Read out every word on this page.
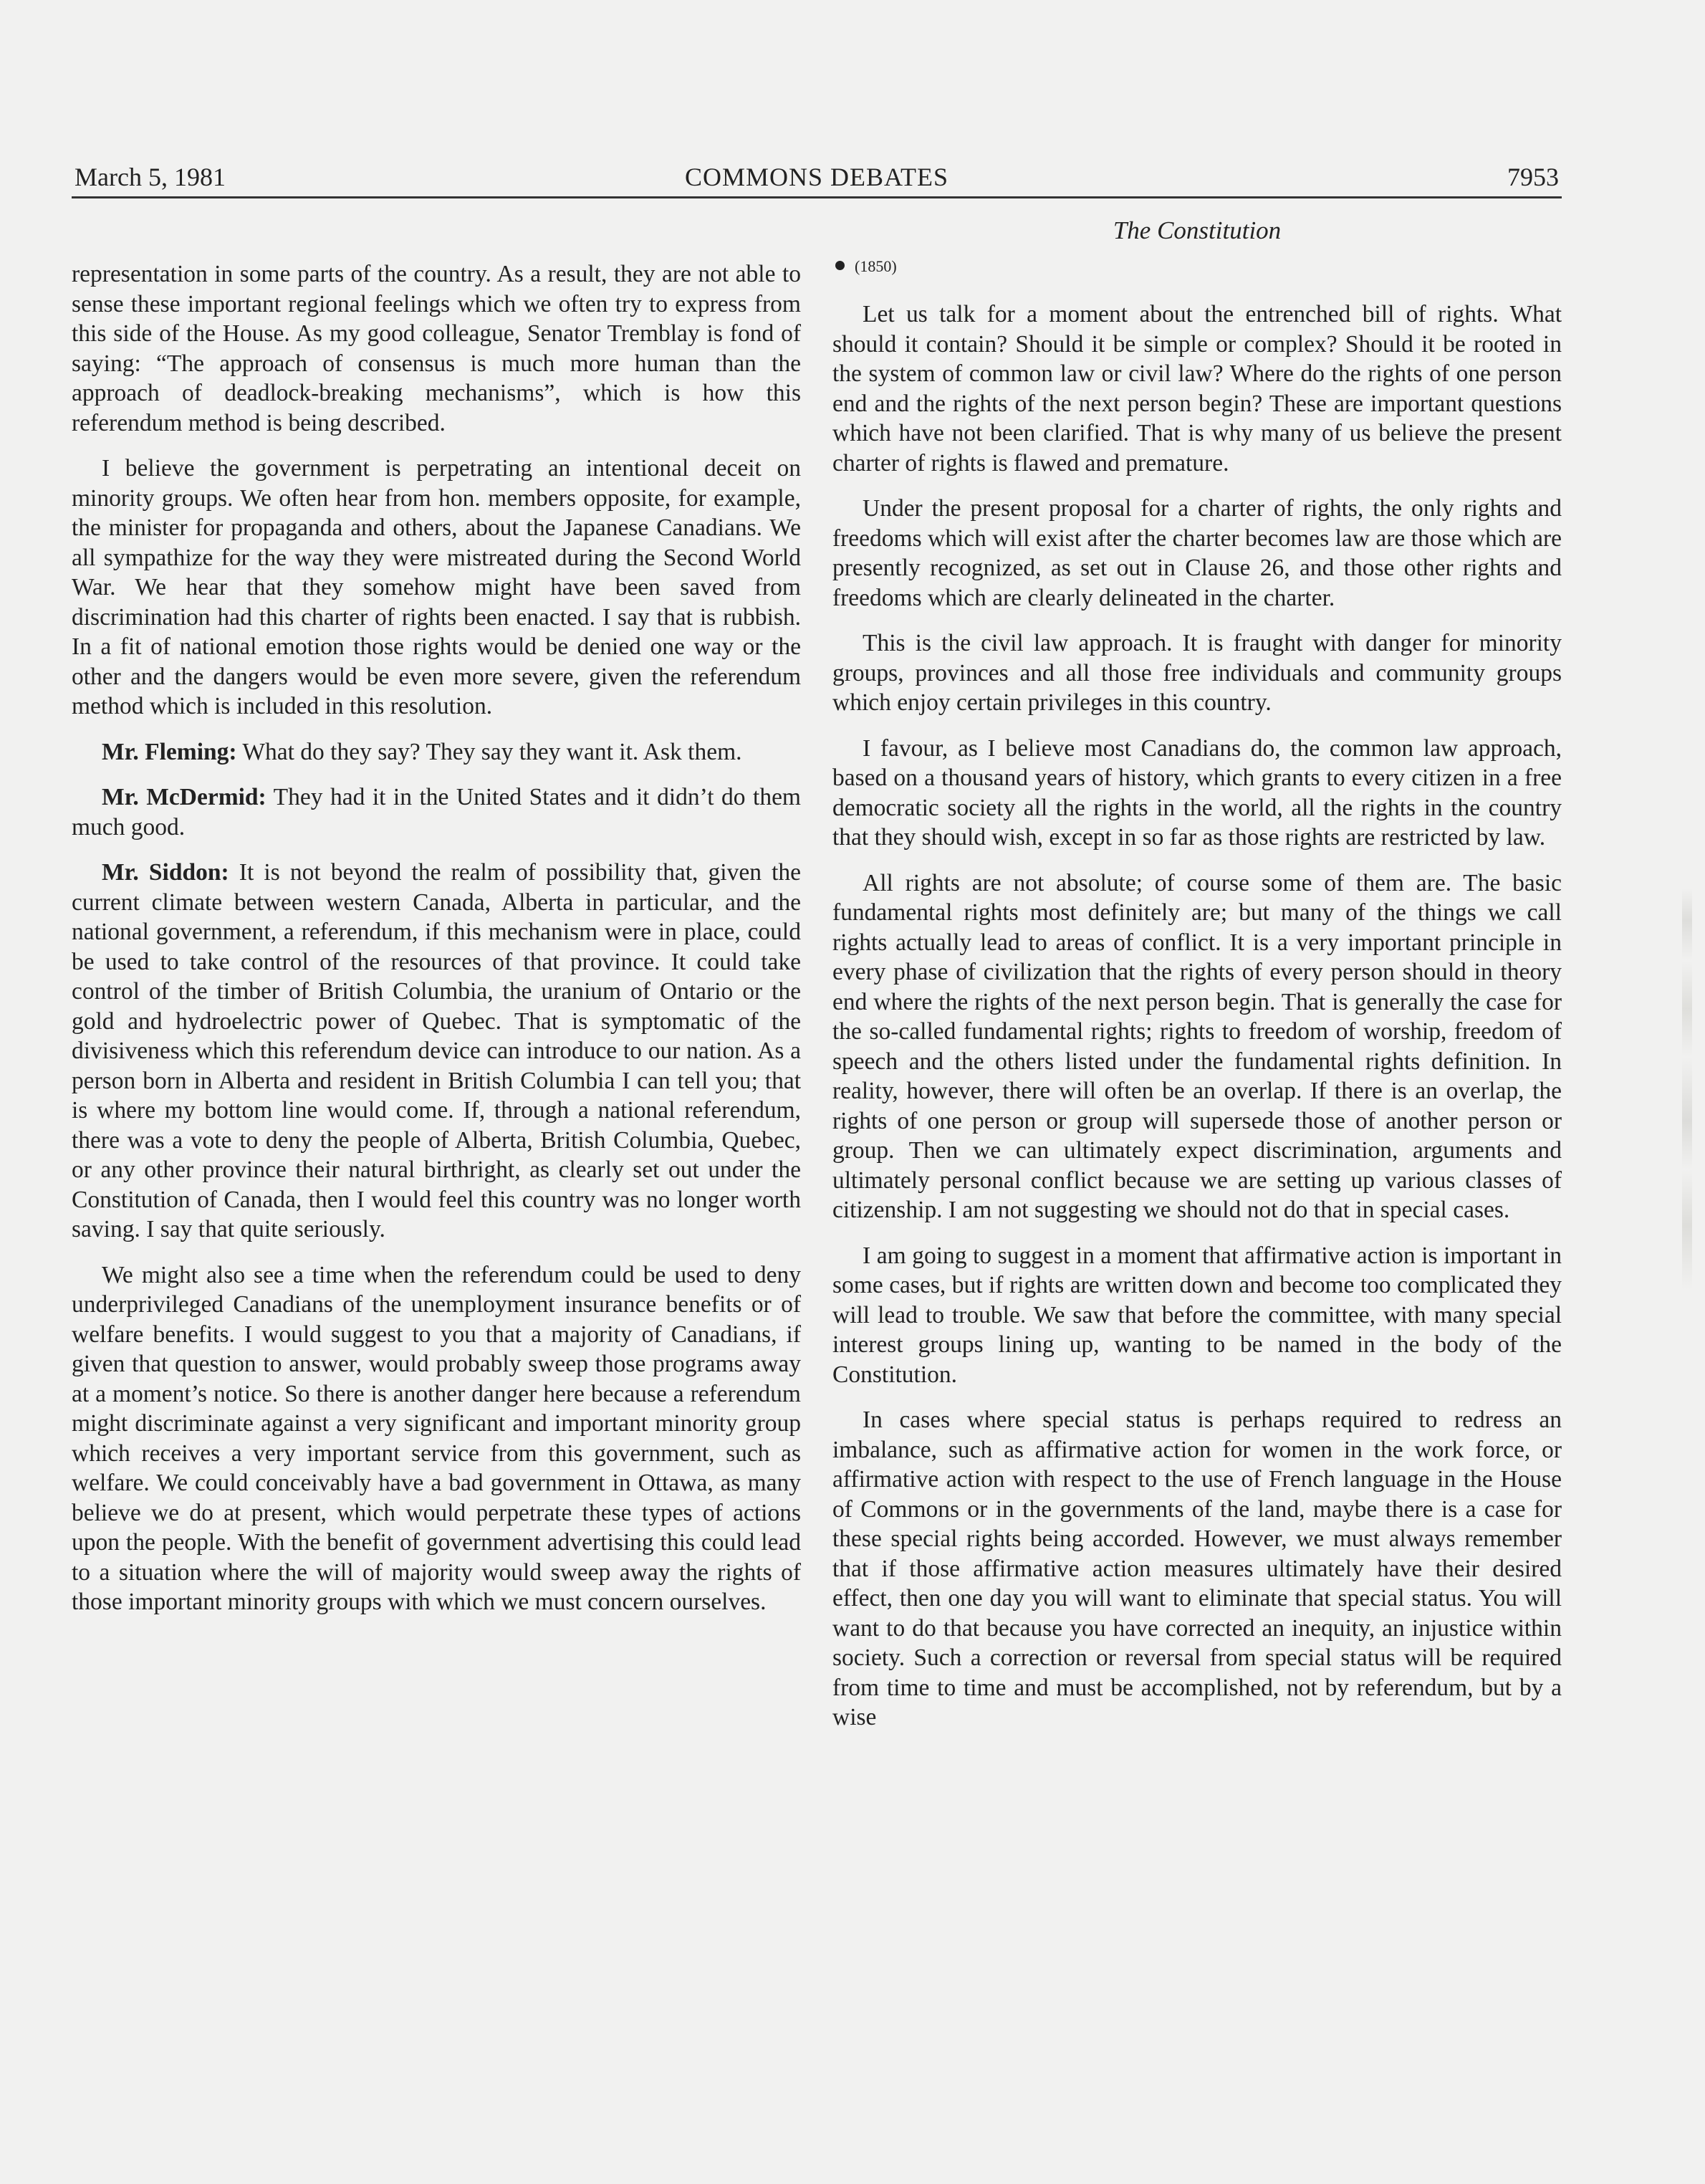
March 5, 1981	COMMONS DEBATES	7953
The Constitution
(1850)

representation in some parts of the country. As a result, they are not able to sense these important regional feelings which we often try to express from this side of the House. As my good colleague, Senator Tremblay is fond of saying: “The approach of consensus is much more human than the approach of deadlock-breaking mechanisms”, which is how this referendum method is being described.

I believe the government is perpetrating an intentional deceit on minority groups. We often hear from hon. members opposite, for example, the minister for propaganda and others, about the Japanese Canadians. We all sympathize for the way they were mistreated during the Second World War. We hear that they somehow might have been saved from discrimination had this charter of rights been enacted. I say that is rubbish. In a fit of national emotion those rights would be denied one way or the other and the dangers would be even more severe, given the referendum method which is included in this resolution.

Mr. Fleming: What do they say? They say they want it. Ask them.

Mr. McDermid: They had it in the United States and it didn’t do them much good.

Mr. Siddon: It is not beyond the realm of possibility that, given the current climate between western Canada, Alberta in particular, and the national government, a referendum, if this mechanism were in place, could be used to take control of the resources of that province. It could take control of the timber of British Columbia, the uranium of Ontario or the gold and hydroelectric power of Quebec. That is symptomatic of the divisiveness which this referendum device can introduce to our nation. As a person born in Alberta and resident in British Columbia I can tell you; that is where my bottom line would come. If, through a national referendum, there was a vote to deny the people of Alberta, British Columbia, Quebec, or any other province their natural birthright, as clearly set out under the Constitution of Canada, then I would feel this country was no longer worth saving. I say that quite seriously.

We might also see a time when the referendum could be used to deny underprivileged Canadians of the unemployment insurance benefits or of welfare benefits. I would suggest to you that a majority of Canadians, if given that question to answer, would probably sweep those programs away at a moment’s notice. So there is another danger here because a referendum might discriminate against a very significant and important minority group which receives a very important service from this government, such as welfare. We could conceivably have a bad government in Ottawa, as many believe we do at present, which would perpetrate these types of actions upon the people. With the benefit of government advertising this could lead to a situation where the will of majority would sweep away the rights of those important minority groups with which we must concern ourselves.

Let us talk for a moment about the entrenched bill of rights. What should it contain? Should it be simple or complex? Should it be rooted in the system of common law or civil law? Where do the rights of one person end and the rights of the next person begin? These are important questions which have not been clarified. That is why many of us believe the present charter of rights is flawed and premature.

Under the present proposal for a charter of rights, the only rights and freedoms which will exist after the charter becomes law are those which are presently recognized, as set out in Clause 26, and those other rights and freedoms which are clearly delineated in the charter.

This is the civil law approach. It is fraught with danger for minority groups, provinces and all those free individuals and community groups which enjoy certain privileges in this country.

I favour, as I believe most Canadians do, the common law approach, based on a thousand years of history, which grants to every citizen in a free democratic society all the rights in the world, all the rights in the country that they should wish, except in so far as those rights are restricted by law.

All rights are not absolute; of course some of them are. The basic fundamental rights most definitely are; but many of the things we call rights actually lead to areas of conflict. It is a very important principle in every phase of civilization that the rights of every person should in theory end where the rights of the next person begin. That is generally the case for the so-called fundamental rights; rights to freedom of worship, freedom of speech and the others listed under the fundamental rights definition. In reality, however, there will often be an overlap. If there is an overlap, the rights of one person or group will supersede those of another person or group. Then we can ultimately expect discrimination, arguments and ultimately personal conflict because we are setting up various classes of citizenship. I am not suggesting we should not do that in special cases.

I am going to suggest in a moment that affirmative action is important in some cases, but if rights are written down and become too complicated they will lead to trouble. We saw that before the committee, with many special interest groups lining up, wanting to be named in the body of the Constitution.

In cases where special status is perhaps required to redress an imbalance, such as affirmative action for women in the work force, or affirmative action with respect to the use of French language in the House of Commons or in the governments of the land, maybe there is a case for these special rights being accorded. However, we must always remember that if those affirmative action measures ultimately have their desired effect, then one day you will want to eliminate that special status. You will want to do that because you have corrected an inequity, an injustice within society. Such a correction or reversal from special status will be required from time to time and must be accomplished, not by referendum, but by a wise
